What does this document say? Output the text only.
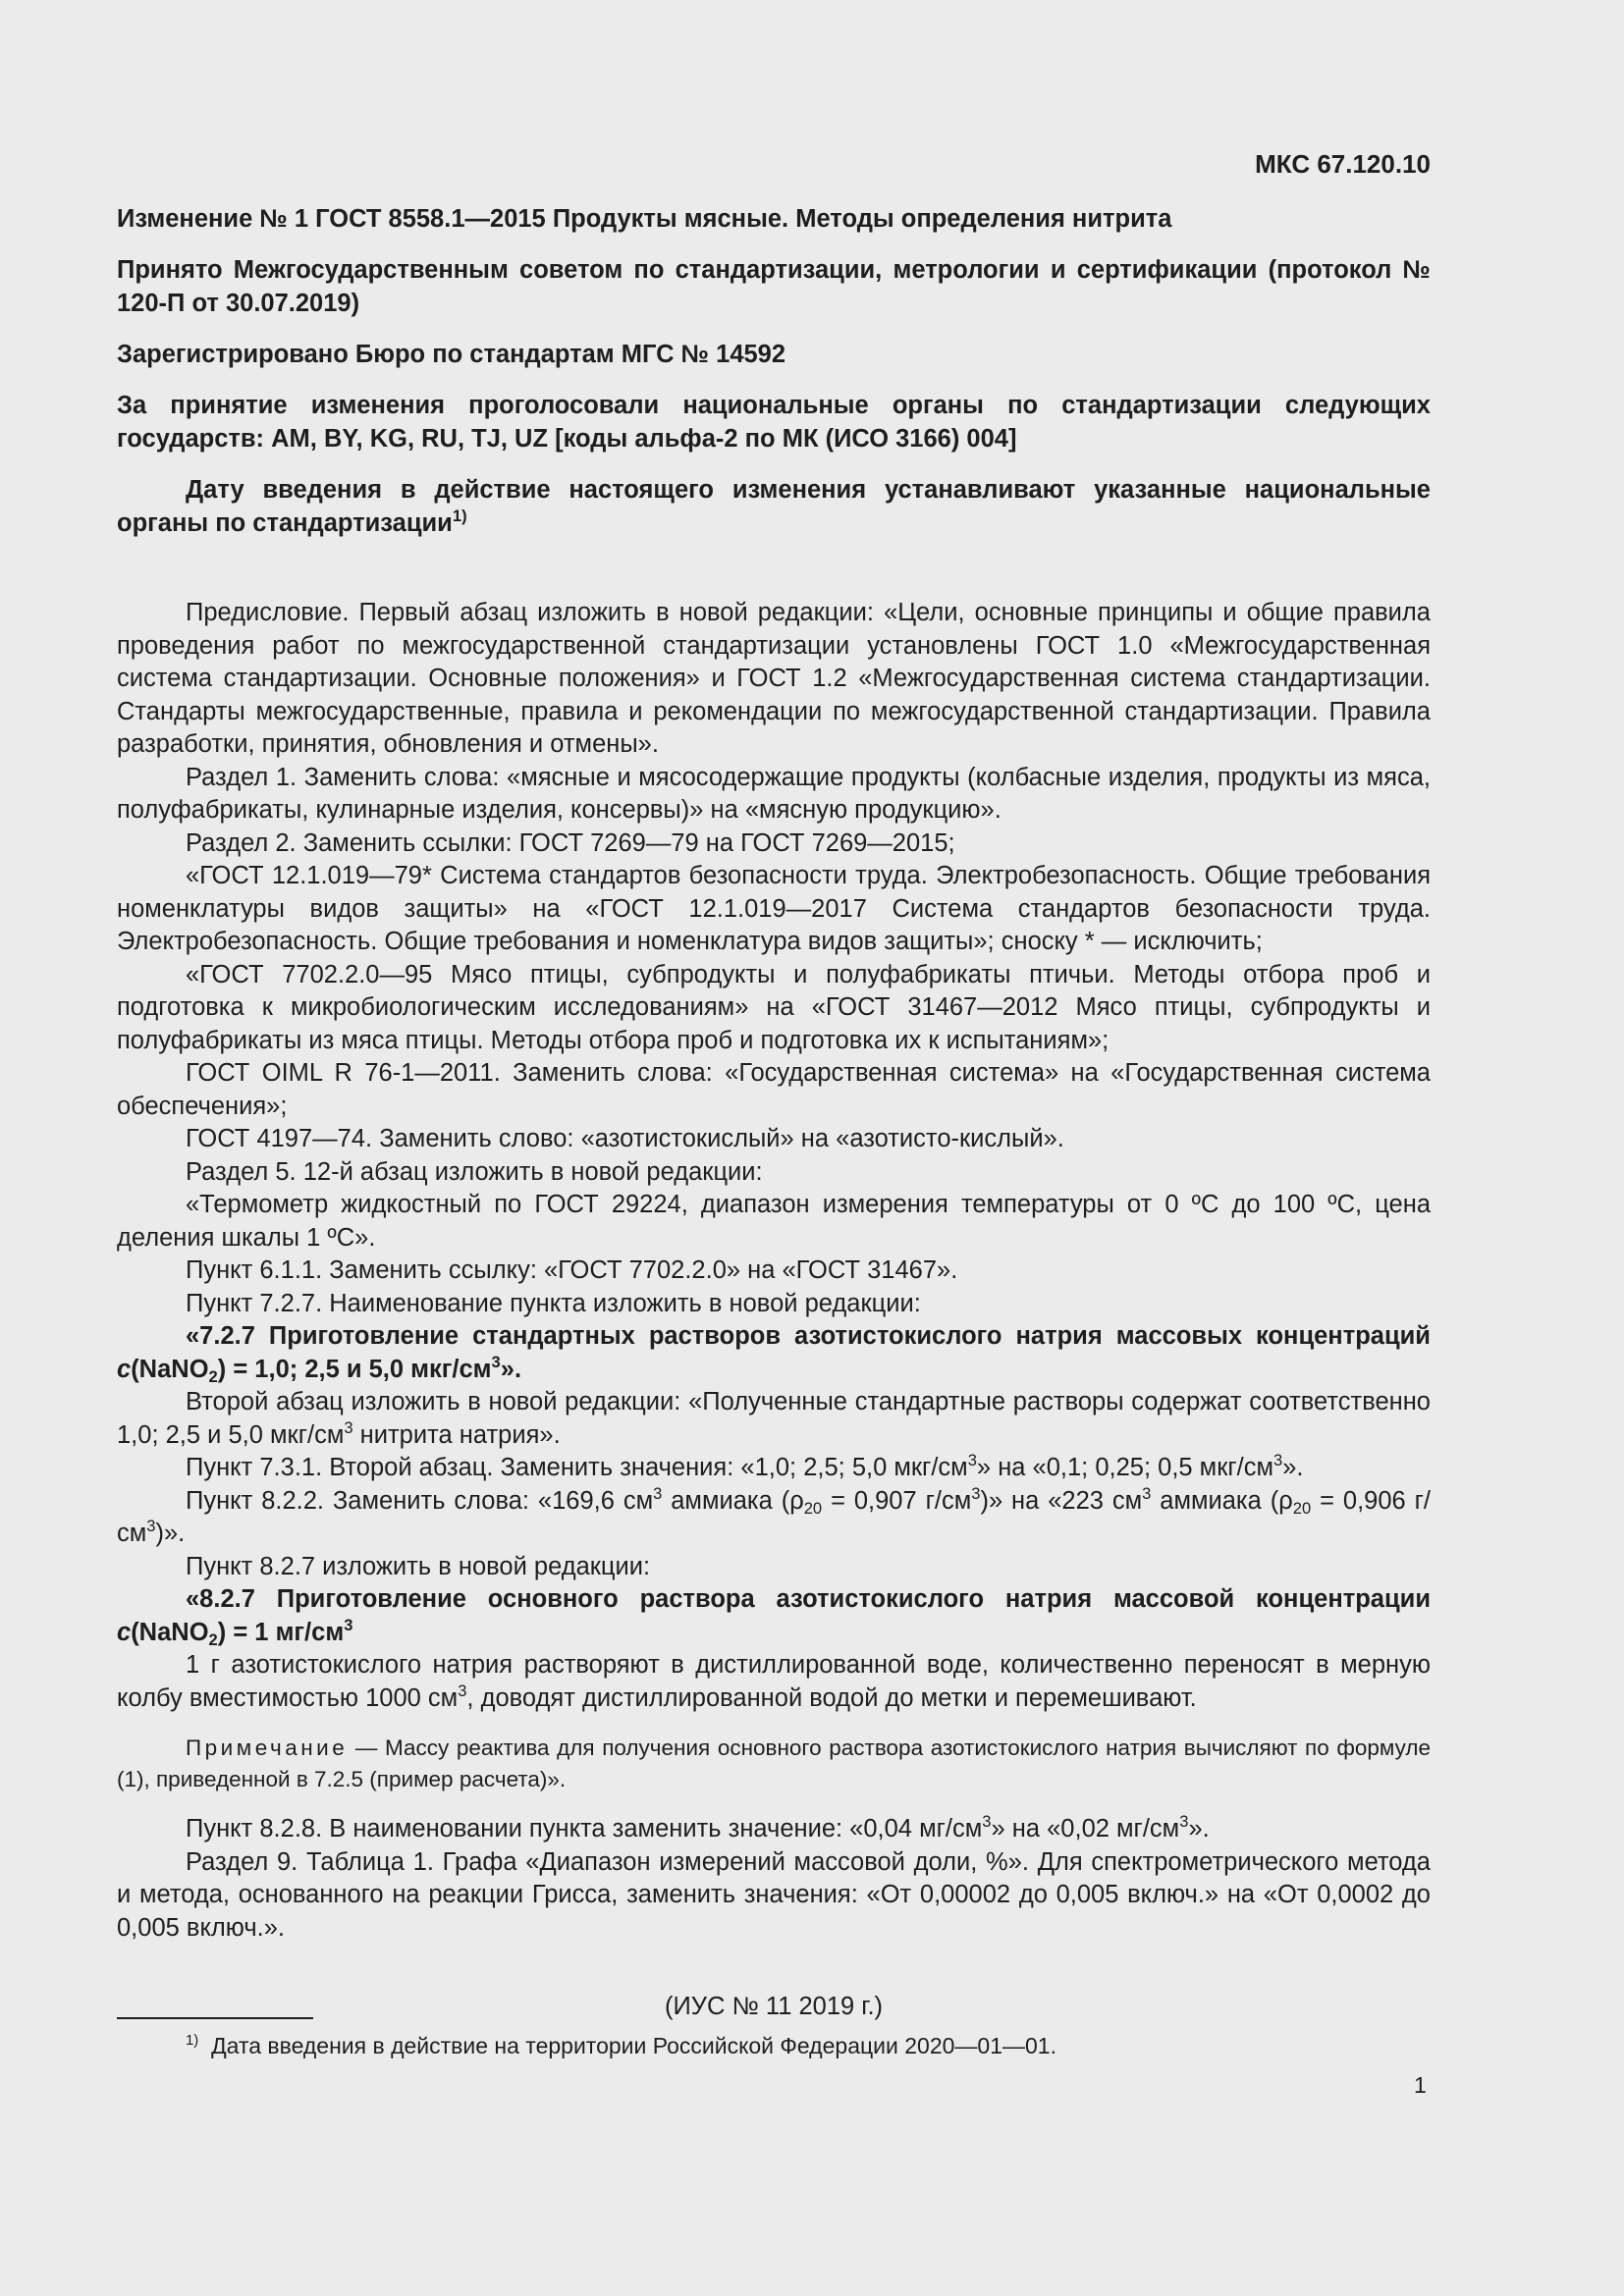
МКС 67.120.10
Изменение № 1 ГОСТ 8558.1—2015 Продукты мясные. Методы определения нитрита
Принято Межгосударственным советом по стандартизации, метрологии и сертификации (протокол № 120-П от 30.07.2019)
Зарегистрировано Бюро по стандартам МГС № 14592
За принятие изменения проголосовали национальные органы по стандартизации следующих государств: AM, BY, KG, RU, TJ, UZ [коды альфа-2 по МК (ИСО 3166) 004]
Дату введения в действие настоящего изменения устанавливают указанные национальные органы по стандартизации$^{1)}$

Предисловие. Первый абзац изложить в новой редакции: «Цели, основные принципы и общие правила проведения работ по межгосударственной стандартизации установлены ГОСТ 1.0 «Межгосударственная система стандартизации. Основные положения» и ГОСТ 1.2 «Межгосударственная система стандартизации. Стандарты межгосударственные, правила и рекомендации по межгосударственной стандартизации. Правила разработки, принятия, обновления и отмены».

Раздел 1. Заменить слова: «мясные и мясосодержащие продукты (колбасные изделия, продукты из мяса, полуфабрикаты, кулинарные изделия, консервы)» на «мясную продукцию».

Раздел 2. Заменить ссылки: ГОСТ 7269—79 на ГОСТ 7269—2015;

«ГОСТ 12.1.019—79* Система стандартов безопасности труда. Электробезопасность. Общие требования номенклатуры видов защиты» на «ГОСТ 12.1.019—2017 Система стандартов безопасности труда. Электробезопасность. Общие требования и номенклатура видов защиты»; сноску * — исключить;

«ГОСТ 7702.2.0—95 Мясо птицы, субпродукты и полуфабрикаты птичьи. Методы отбора проб и подготовка к микробиологическим исследованиям» на «ГОСТ 31467—2012 Мясо птицы, субпродукты и полуфабрикаты из мяса птицы. Методы отбора проб и подготовка их к испытаниям»;

ГОСТ OIML R 76-1—2011. Заменить слова: «Государственная система» на «Государственная система обеспечения»;

ГОСТ 4197—74. Заменить слово: «азотистокислый» на «азотисто-кислый».

Раздел 5. 12-й абзац изложить в новой редакции:

«Термометр жидкостный по ГОСТ 29224, диапазон измерения температуры от 0 ºС до 100 ºС, цена деления шкалы 1 ºС».

Пункт 6.1.1. Заменить ссылку: «ГОСТ 7702.2.0» на «ГОСТ 31467».

Пункт 7.2.7. Наименование пункта изложить в новой редакции:

«7.2.7 Приготовление стандартных растворов азотистокислого натрия массовых концентраций c(NaNO$_2$) = 1,0; 2,5 и 5,0 мкг/$см^3$».

Второй абзац изложить в новой редакции: «Полученные стандартные растворы содержат соответственно 1,0; 2,5 и 5,0 мкг/$см^3$ нитрита натрия».

Пункт 7.3.1. Второй абзац. Заменить значения: «1,0; 2,5; 5,0 мкг/$см^3$» на «0,1; 0,25; 0,5 мкг/$см^3$».

Пункт 8.2.2. Заменить слова: «169,6 $см^3$ аммиака ($\rho_{20} = 0,907$ $г/см^3$)» на «223 $см^3$ аммиака ($\rho_{20} = 0,906$ $г/см^3$)».

Пункт 8.2.7 изложить в новой редакции:

«8.2.7 Приготовление основного раствора азотистокислого натрия массовой концентрации c(NaNO$_2$) = 1 $мг/см^3$

1 г азотистокислого натрия растворяют в дистиллированной воде, количественно переносят в мерную колбу вместимостью 1000 $см^3$, доводят дистиллированной водой до метки и перемешивают.

Примечание — Массу реактива для получения основного раствора азотистокислого натрия вычисляют по формуле (1), приведенной в 7.2.5 (пример расчета)».

Пункт 8.2.8. В наименовании пункта заменить значение: «0,04 $мг/см^3$» на «0,02 $мг/см^3$».

Раздел 9. Таблица 1. Графа «Диапазон измерений массовой доли, %». Для спектрометрического метода и метода, основанного на реакции Грисса, заменить значения: «От 0,00002 до 0,005 включ.» на «От 0,0002 до 0,005 включ.».

(ИУС № 11 2019 г.)
$^{1)}$ Дата введения в действие на территории Российской Федерации 2020—01—01.
1
